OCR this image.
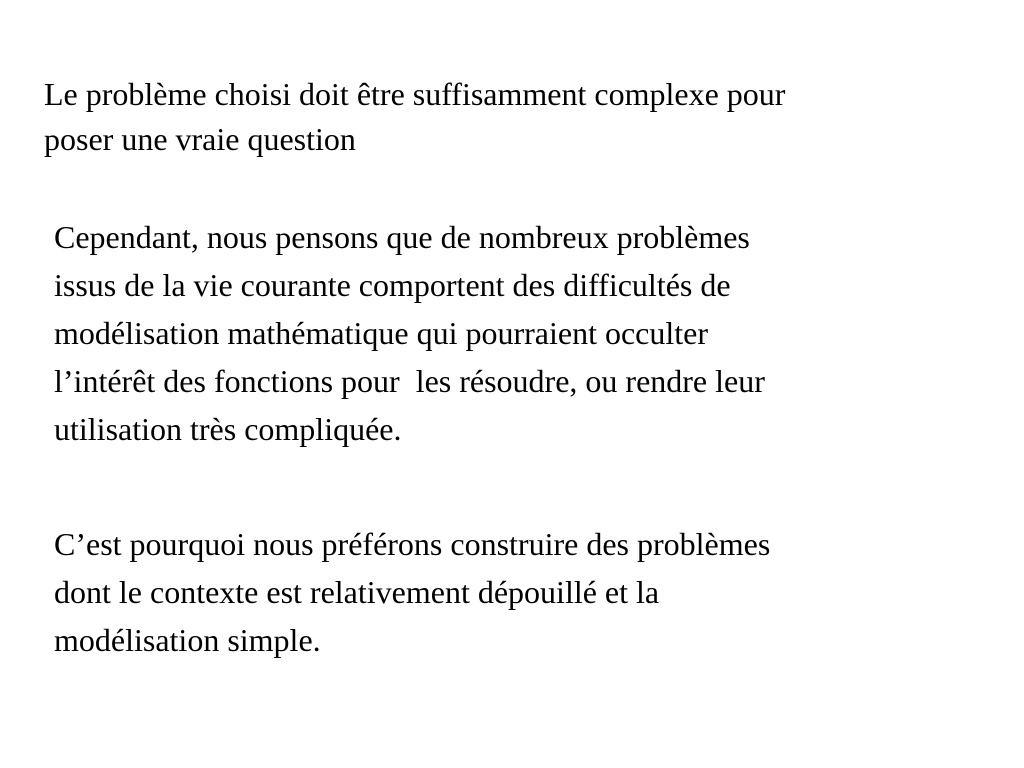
Le problème choisi doit être suffisamment complexe pour
poser une vraie question

Cependant, nous pensons que de nombreux problèmes
issus de la vie courante comportent des difficultés de
modélisation mathématique qui pourraient occulter
l’intérêt des fonctions pour  les résoudre, ou rendre leur
utilisation très compliquée.

C’est pourquoi nous préférons construire des problèmes
dont le contexte est relativement dépouillé et la
modélisation simple.
